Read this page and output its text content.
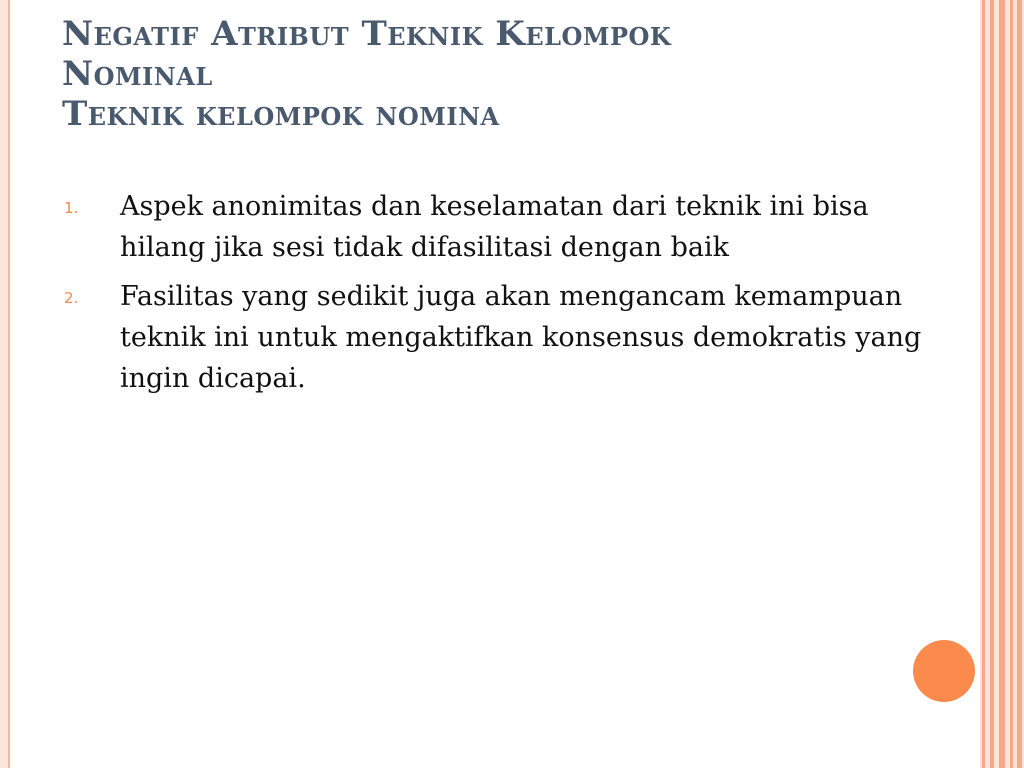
Negatif Atribut Teknik Kelompok
Nominal
Teknik kelompok nomina
1. Aspek anonimitas dan keselamatan dari teknik ini bisa hilang jika sesi tidak difasilitasi dengan baik
2. Fasilitas yang sedikit juga akan mengancam kemampuan teknik ini untuk mengaktifkan konsensus demokratis yang ingin dicapai.
